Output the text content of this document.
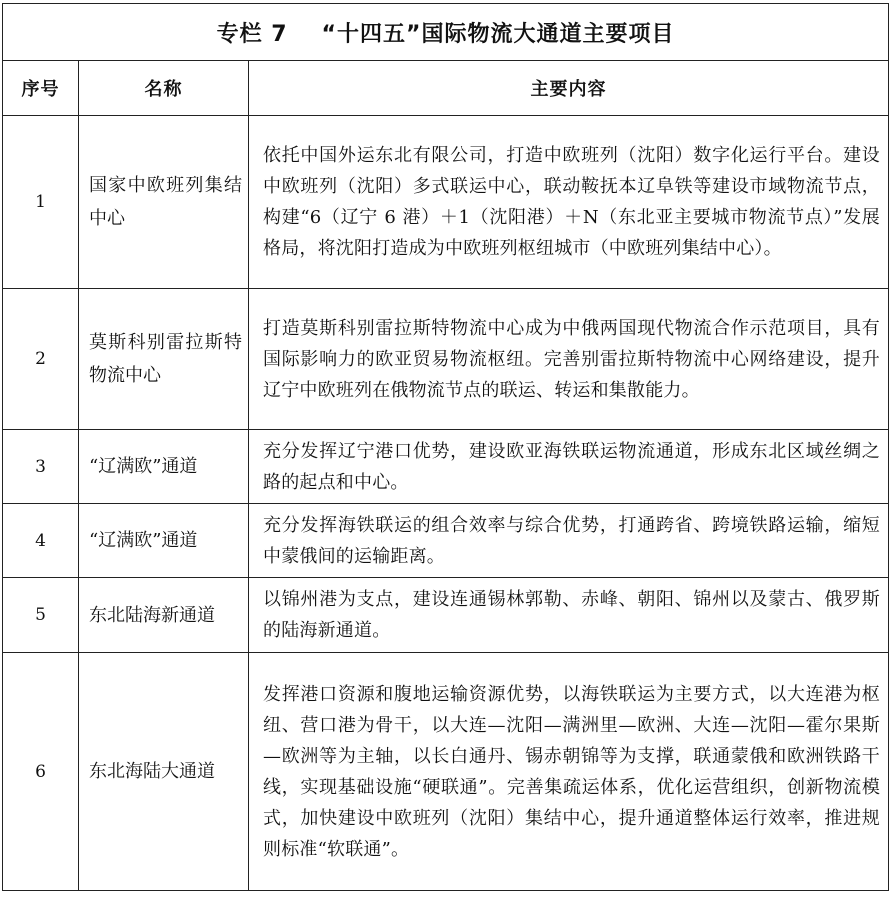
专栏 7 “十四五”国际物流大通道主要项目		
序号	名称	主要内容
1	国家中欧班列集结中心	依托中国外运东北有限公司，打造中欧班列（沈阳）数字化运行平台。建设中欧班列（沈阳）多式联运中心，联动鞍抚本辽阜铁等建设市域物流节点，构建“6（辽宁 6 港）＋1（沈阳港）＋N（东北亚主要城市物流节点）”发展格局，将沈阳打造成为中欧班列枢纽城市（中欧班列集结中心）。
2	莫斯科别雷拉斯特物流中心	打造莫斯科别雷拉斯特物流中心成为中俄两国现代物流合作示范项目，具有国际影响力的欧亚贸易物流枢纽。完善别雷拉斯特物流中心网络建设，提升辽宁中欧班列在俄物流节点的联运、转运和集散能力。
3	“辽满欧”通道	充分发挥辽宁港口优势，建设欧亚海铁联运物流通道，形成东北区域丝绸之路的起点和中心。
4	“辽满欧”通道	充分发挥海铁联运的组合效率与综合优势，打通跨省、跨境铁路运输，缩短中蒙俄间的运输距离。
5	东北陆海新通道	以锦州港为支点，建设连通锡林郭勒、赤峰、朝阳、锦州以及蒙古、俄罗斯的陆海新通道。
6	东北海陆大通道	发挥港口资源和腹地运输资源优势，以海铁联运为主要方式，以大连港为枢纽、营口港为骨干，以大连—沈阳—满洲里—欧洲、大连—沈阳—霍尔果斯—欧洲等为主轴，以长白通丹、锡赤朝锦等为支撑，联通蒙俄和欧洲铁路干线，实现基础设施“硬联通”。完善集疏运体系，优化运营组织，创新物流模式，加快建设中欧班列（沈阳）集结中心，提升通道整体运行效率，推进规则标准“软联通”。
